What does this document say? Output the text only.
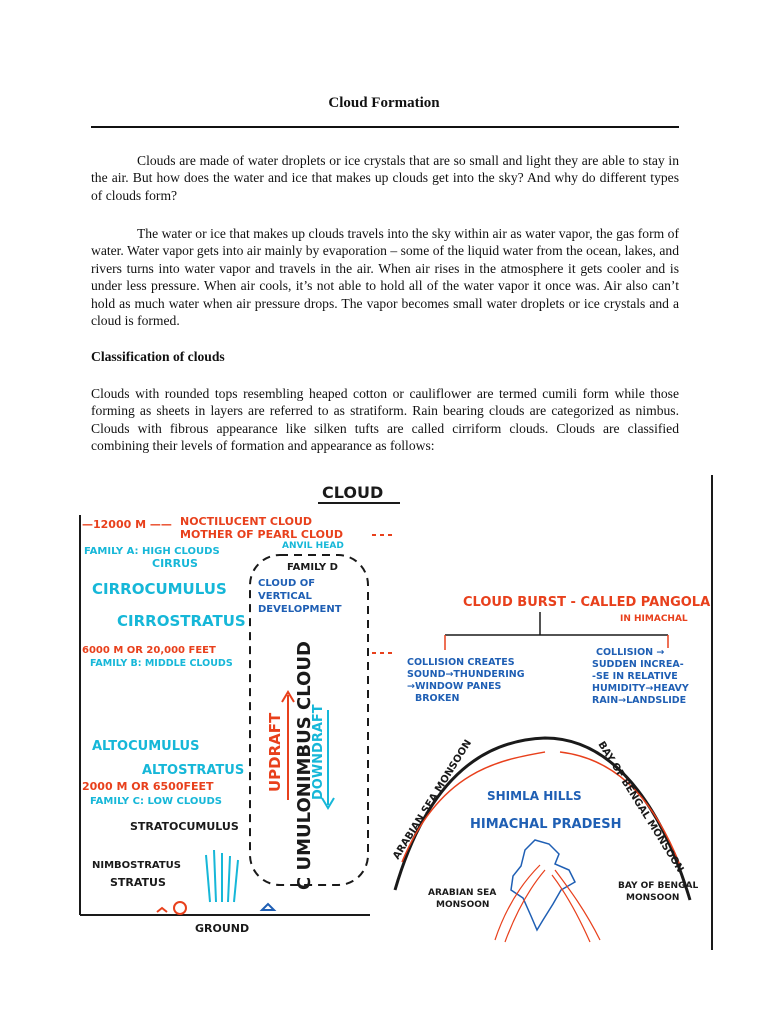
Cloud Formation

Clouds are made of water droplets or ice crystals that are so small and light they are able to stay in the air. But how does the water and ice that makes up clouds get into the sky? And why do different types of clouds form?

The water or ice that makes up clouds travels into the sky within air as water vapor, the gas form of water. Water vapor gets into air mainly by evaporation – some of the liquid water from the ocean, lakes, and rivers turns into water vapor and travels in the air. When air rises in the atmosphere it gets cooler and is under less pressure. When air cools, it’s not able to hold all of the water vapor it once was. Air also can’t hold as much water when air pressure drops. The vapor becomes small water droplets or ice crystals and a cloud is formed.

Classification of clouds

Clouds with rounded tops resembling heaped cotton or cauliflower are termed cumili form while those forming as sheets in layers are referred to as stratiform. Rain bearing clouds are categorized as nimbus. Clouds with fibrous appearance like silken tufts are called cirriform clouds. Clouds are classified combining their levels of formation and appearance as follows:

CLOUD
—12000 M —— NOCTILUCENT CLOUD
MOTHER OF PEARL CLOUD
ANVIL HEAD
FAMILY A: HIGH CLOUDS
CIRRUS
CIRROCUMULUS
CIRROSTRATUS
FAMILY D
CLOUD OF
VERTICAL
DEVELOPMENT
6000 M OR 20,000 FEET
FAMILY B: MIDDLE CLOUDS	C UMULONIMBUS CLOUD
UPDRAFT DOWNDRAFT
ALTOCUMULUS
ALTOSTRATUS
2000 M OR 6500FEET
FAMILY C: LOW CLOUDS
STRATOCUMULUS
NIMBOSTRATUS
STRATUS
GROUND
CLOUD BURST - CALLED PANGOLA
IN HIMACHAL
COLLISION CREATES
SOUND→THUNDERING
→WINDOW PANES
BROKEN
COLLISION →
SUDDEN INCREA-
-SE IN RELATIVE
HUMIDITY→HEAVY
RAIN→LANDSLIDE
ARABIAN SEA MONSOON	BAY OF BENGAL MONSOON
SHIMLA HILLS
HIMACHAL PRADESH
ARABIAN SEA
MONSOON
BAY OF BENGAL
MONSOON
